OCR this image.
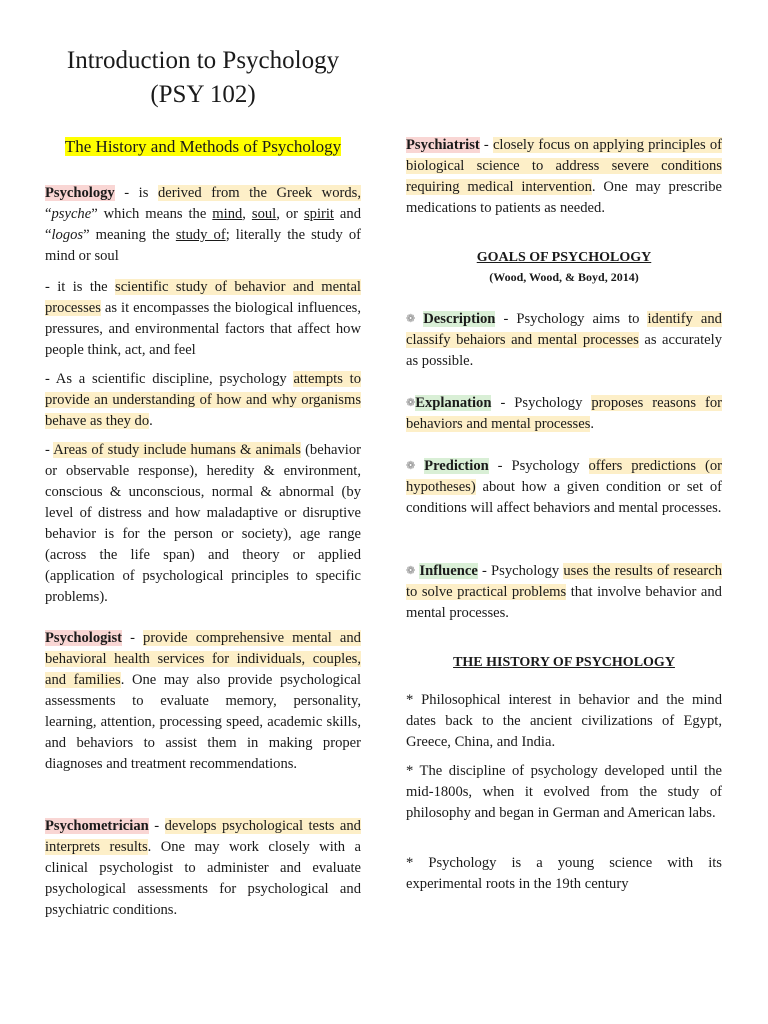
Introduction to Psychology
(PSY 102)
The History and Methods of Psychology

Psychology - is derived from the Greek words, “psyche” which means the mind, soul, or spirit and “logos” meaning the study of; literally the study of mind or soul

- it is the scientific study of behavior and mental processes as it encompasses the biological influences, pressures, and environmental factors that affect how people think, act, and feel

- As a scientific discipline, psychology attempts to provide an understanding of how and why organisms behave as they do.

- Areas of study include humans & animals (behavior or observable response), heredity & environment, conscious & unconscious, normal & abnormal (by level of distress and how maladaptive or disruptive behavior is for the person or society), age range (across the life span) and theory or applied (application of psychological principles to specific problems).

Psychologist - provide comprehensive mental and behavioral health services for individuals, couples, and families. One may also provide psychological assessments to evaluate memory, personality, learning, attention, processing speed, academic skills, and behaviors to assist them in making proper diagnoses and treatment recommendations.

Psychometrician - develops psychological tests and interprets results. One may work closely with a clinical psychologist to administer and evaluate psychological assessments for psychological and psychiatric conditions.

Psychiatrist - closely focus on applying principles of biological science to address severe conditions requiring medical intervention. One may prescribe medications to patients as needed.

GOALS OF PSYCHOLOGY
(Wood, Wood, & Boyd, 2014)

❁ Description - Psychology aims to identify and classify behaiors and mental processes as accurately as possible.

❁Explanation - Psychology proposes reasons for behaviors and mental processes.

❁ Prediction - Psychology offers predictions (or hypotheses) about how a given condition or set of conditions will affect behaviors and mental processes.

❁ Influence - Psychology uses the results of research to solve practical problems that involve behavior and mental processes.

THE HISTORY OF PSYCHOLOGY

* Philosophical interest in behavior and the mind dates back to the ancient civilizations of Egypt, Greece, China, and India.

* The discipline of psychology developed until the mid-1800s, when it evolved from the study of philosophy and began in German and American labs.

* Psychology is a young science with its experimental roots in the 19th century
